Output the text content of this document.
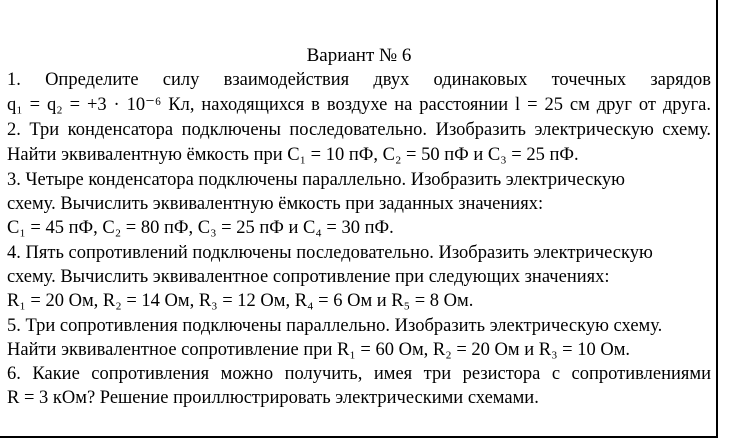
Вариант № 6
1. Определите силу взаимодействия двух одинаковых точечных зарядов
q₁ = q₂ = +3 · 10⁻⁶ Кл, находящихся в воздухе на расстоянии l = 25 см друг от друга.
2. Три конденсатора подключены последовательно. Изобразить электрическую схему.
Найти эквивалентную ёмкость при C₁ = 10 пФ, C₂ = 50 пФ и C₃ = 25 пФ.
3. Четыре конденсатора подключены параллельно. Изобразить электрическую
схему. Вычислить эквивалентную ёмкость при заданных значениях:
C₁ = 45 пФ, C₂ = 80 пФ, C₃ = 25 пФ и C₄ = 30 пФ.
4. Пять сопротивлений подключены последовательно. Изобразить электрическую
схему. Вычислить эквивалентное сопротивление при следующих значениях:
R₁ = 20 Ом, R₂ = 14 Ом, R₃ = 12 Ом, R₄ = 6 Ом и R₅ = 8 Ом.
5. Три сопротивления подключены параллельно. Изобразить электрическую схему.
Найти эквивалентное сопротивление при R₁ = 60 Ом, R₂ = 20 Ом и R₃ = 10 Ом.
6. Какие сопротивления можно получить, имея три резистора с сопротивлениями
R = 3 кОм? Решение проиллюстрировать электрическими схемами.
